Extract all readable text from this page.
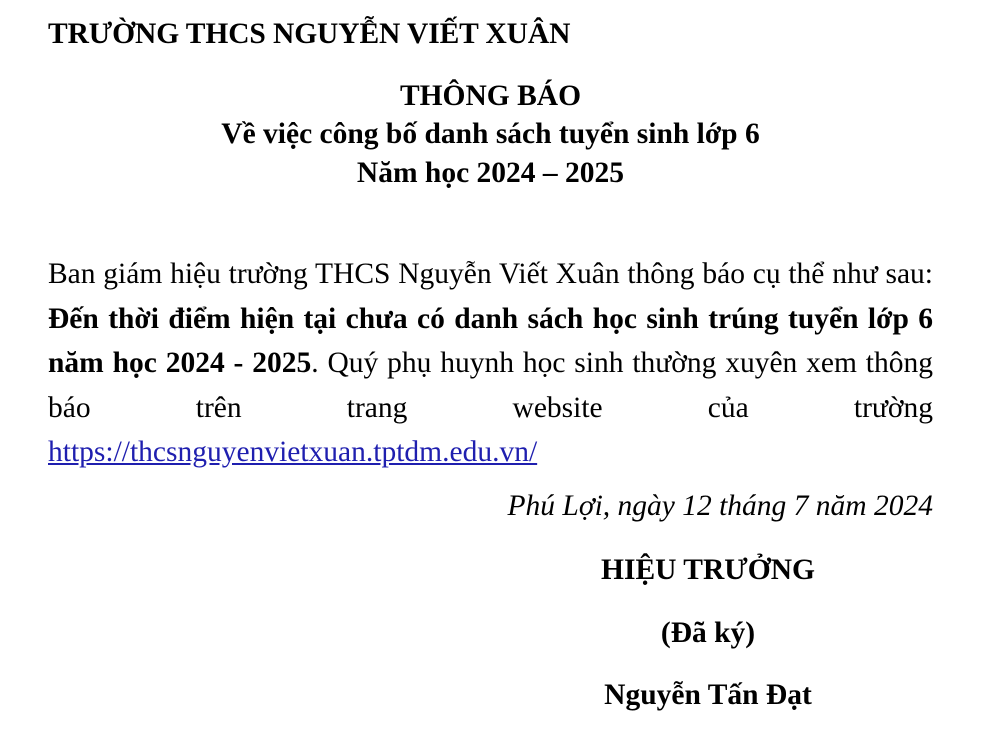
TRƯỜNG THCS NGUYỄN VIẾT XUÂN
THÔNG BÁO
Về việc công bố danh sách tuyển sinh lớp 6
Năm học 2024 – 2025
Ban giám hiệu trường THCS Nguyễn Viết Xuân thông báo cụ thể như sau: Đến thời điểm hiện tại chưa có danh sách học sinh trúng tuyển lớp 6 năm học 2024 - 2025. Quý phụ huynh học sinh thường xuyên xem thông báo trên trang website của trường https://thcsnguyenvietxuan.tptdm.edu.vn/
Phú Lợi, ngày 12 tháng 7 năm 2024
HIỆU TRƯỞNG
(Đã ký)
Nguyễn Tấn Đạt
